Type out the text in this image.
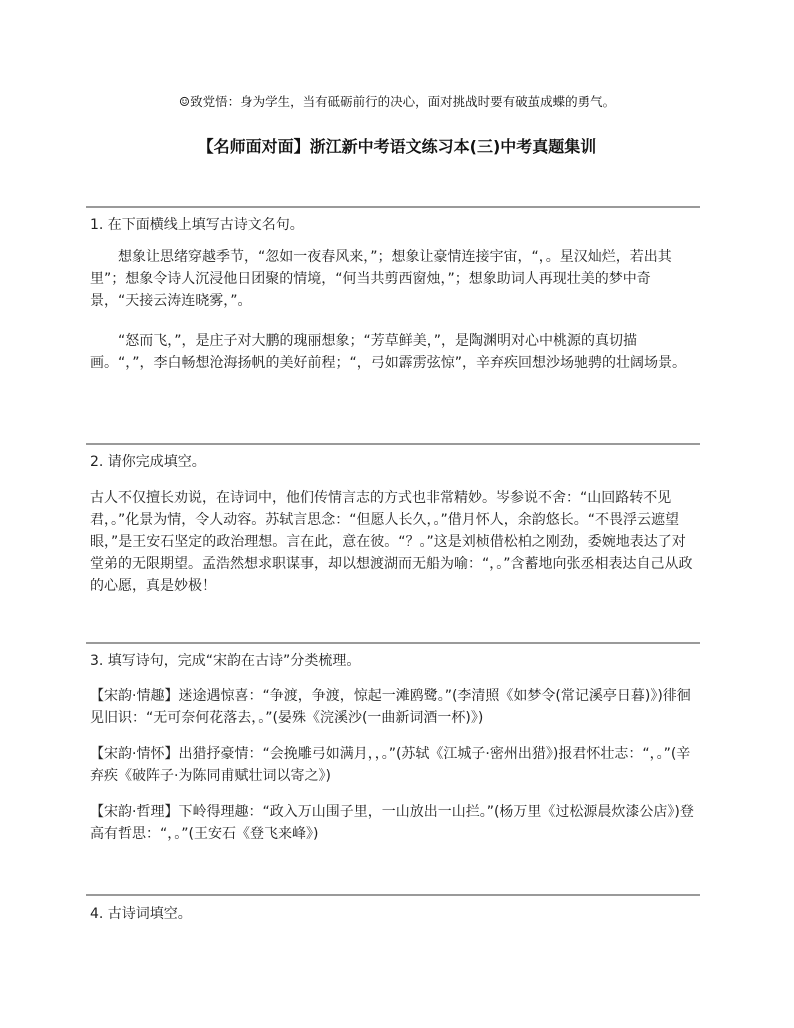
☺致党悟：身为学生，当有砥砺前行的决心，面对挑战时要有破茧成蝶的勇气。
【名师面对面】浙江新中考语文练习本(三)中考真题集训
1. 在下面横线上填写古诗文名句。

想象让思绪穿越季节，“忽如一夜春风来，”；想象让豪情连接宇宙，“，。星汉灿烂，若出其里”；想象令诗人沉浸他日团聚的情境，“何当共剪西窗烛，”；想象助词人再现壮美的梦中奇景，“天接云涛连晓雾，”。

“怒而飞，”，是庄子对大鹏的瑰丽想象；“芳草鲜美，”，是陶渊明对心中桃源的真切描画。“，”，李白畅想沧海扬帆的美好前程；“，弓如霹雳弦惊”，辛弃疾回想沙场驰骋的壮阔场景。

2. 请你完成填空。

古人不仅擅长劝说，在诗词中，他们传情言志的方式也非常精妙。岑参说不舍：“山回路转不见君，。”化景为情，令人动容。苏轼言思念：“但愿人长久，。”借月怀人，余韵悠长。“不畏浮云遮望眼，”是王安石坚定的政治理想。言在此，意在彼。“？。”这是刘桢借松柏之刚劲，委婉地表达了对堂弟的无限期望。孟浩然想求职谋事，却以想渡湖而无船为喻：“，。”含蓄地向张丞相表达自己从政的心愿，真是妙极！

3. 填写诗句，完成“宋韵在古诗”分类梳理。

【宋韵·情趣】迷途遇惊喜：“争渡，争渡，惊起一滩鸥鹭。”(李清照《如梦令(常记溪亭日暮)》)徘徊见旧识：“无可奈何花落去，。”(晏殊《浣溪沙(一曲新词酒一杯)》)

【宋韵·情怀】出猎抒豪情：“会挽雕弓如满月，，。”(苏轼《江城子·密州出猎》)报君怀壮志：“，。”(辛弃疾《破阵子·为陈同甫赋壮词以寄之》)

【宋韵·哲理】下岭得理趣：“政入万山围子里，一山放出一山拦。”(杨万里《过松源晨炊漆公店》)登高有哲思：“，。”(王安石《登飞来峰》)

4. 古诗词填空。
